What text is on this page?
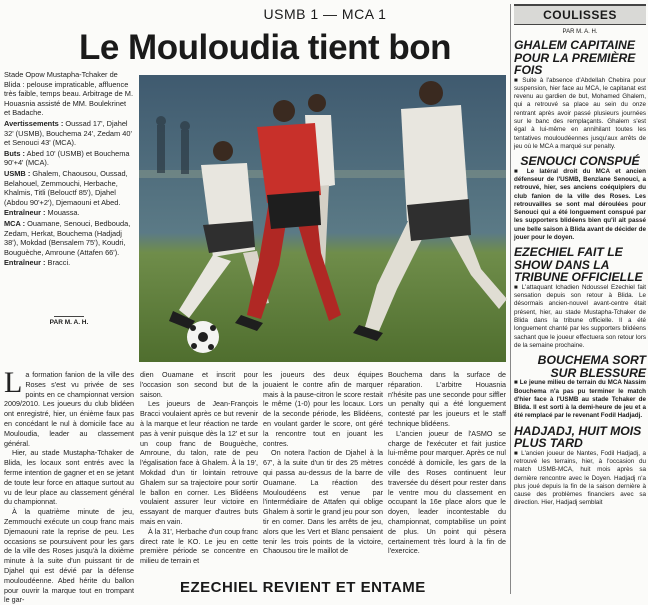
USMB 1 — MCA 1
Le Mouloudia tient bon

Stade Opow Mustapha-Tchaker de Blida : pelouse impraticable, affluence très faible, temps beau. Arbitrage de M. Houasnia assisté de MM. Boulekrinet et Badache.

Avertissements : Oussad 17', Djahel 32' (USMB), Bouchema 24', Zedam 40' et Senouci 43' (MCA).

Buts : Abed 10' (USMB) et Bouchema 90'+4' (MCA).

USMB : Ghalem, Chaousou, Oussad, Belahouel, Zemmouchi, Herbache, Khalmis, Titli (Belouctf 85'), Djahel (Abdou 90'+2'), Djemaouni et Abed.

Entraîneur : Mouassa.

MCA : Ouamane, Senouci, Bedbouda, Zedam, Herkat, Bouchema (Hadjadj 38'), Mokdad (Bensalem 75'), Koudri, Bouguèche, Amroune (Attafen 66').

Entraîneur : Bracci.

PAR M. A. H.
L a formation fanion de la ville des Roses s'est vu privée de ses points en ce championnat version 2009/2010. Les joueurs du club blidéen ont enregistré, hier, un énième faux pas en concédant le nul à domicile face au Mouloudia, leader au classement général.

Hier, au stade Mustapha-Tchaker de Blida, les locaux sont entrés avec la ferme intention de gagner et en se jetant de toute leur force en attaque surtout au vu de leur place au classement général du championnat.

À la quatrième minute de jeu, Zemmouchi exécute un coup franc mais Djemaouni rate la reprise de peu. Les occasions se poursuivent pour les gars de la ville des Roses jusqu'à la dixième minute à la suite d'un puissant tir de Djahel qui est dévié par la défense mouloudéenne. Abed hérite du ballon pour ouvrir la marque tout en trompant le gar-

dien Ouamane et inscrit pour l'occasion son second but de la saison.

Les joueurs de Jean-François Bracci voulaient après ce but revenir à la marque et leur réaction ne tarde pas à venir puisque dès la 12' et sur un coup franc de Bouguèche, Amroune, du talon, rate de peu l'égalisation face à Ghalem. À la 19', Mokdad d'un tir lointain retrouve Ghalem sur sa trajectoire pour sortir le ballon en corner. Les Blidéens voulaient assurer leur victoire en essayant de marquer d'autres buts mais en vain.

À la 31', Herbache d'un coup franc direct rate le KO. Le jeu en cette première période se concentre en milieu de terrain et

les joueurs des deux équipes jouaient le contre afin de marquer mais à la pause-citron le score restait le même (1-0) pour les locaux. Lors de la seconde période, les Blidéens, en voulant garder le score, ont géré la rencontre tout en jouant les contres.

On notera l'action de Djahel à la 67', à la suite d'un tir des 25 mètres qui passa au-dessus de la barre de Ouamane. La réaction des Mouloudéens est venue par l'intermédiaire de Attafen qui oblige Ghalem à sortir le grand jeu pour son tir en corner. Dans les arrêts de jeu, alors que les Vert et Blanc pensaient tenir les trois points de la victoire, Chaousou tire le maillot de

Bouchema dans la surface de réparation. L'arbitre Houasnia n'hésite pas une seconde pour siffler un penalty qui a été longuement contesté par les joueurs et le staff technique blidéens.

L'ancien joueur de l'ASMO se charge de l'exécuter et fait justice lui-même pour marquer. Après ce nul concédé à domicile, les gars de la ville des Roses continuent leur traversée du désert pour rester dans le ventre mou du classement en occupant la 16e place alors que le doyen, leader incontestable du championnat, comptabilise un point de plus. Un point qui pèsera certainement très lourd à la fin de l'exercice.

EZECHIEL REVIENT ET ENTAME
COULISSES
PAR M. A. H.
GHALEM CAPITAINE POUR LA PREMIÈRE FOIS
■ Suite à l'absence d'Abdellah Chebira pour suspension, hier face au MCA, le capitanat est revenu au gardien de but, Mohamed Ghalem, qui a retrouvé sa place au sein du onze rentrant après avoir passé plusieurs journées sur le banc des remplaçants. Ghalem s'est égal à lui-même en annihilant toutes les tentatives mouloudéennes jusqu'aux arrêts de jeu où le MCA a marqué sur penalty.
SENOUCI CONSPUÉ
■ Le latéral droit du MCA et ancien défenseur de l'USMB, Benzlane Senouci, a retrouvé, hier, ses anciens coéquipiers du club fanion de la ville des Roses. Les retrouvailles se sont mal déroulées pour Senouci qui a été longuement conspué par les supporters blidéens bien qu'il ait passé une belle saison à Blida avant de décider de jouer pour le doyen.
EZECHIEL FAIT LE SHOW DANS LA TRIBUNE OFFICIELLE
■ L'attaquant Ichadien Ndoussel Ezechiel fait sensation depuis son retour à Blida. Le désormais ancien-nouvel avant-centre était présent, hier, au stade Mustapha-Tchaker de Blida dans la tribune officielle. Il a été longuement chanté par les supporters blidéens sachant que le joueur effectuera son retour lors de la semaine prochaine.
BOUCHEMA SORT SUR BLESSURE
■ Le jeune milieu de terrain du MCA Nassim Bouchema n'a pas pu terminer le match d'hier face à l'USMB au stade Tchaker de Blida. Il est sorti à la demi-heure de jeu et a été remplacé par le revenant Fodil Hadjadj.
HADJADJ, HUIT MOIS PLUS TARD
■ L'ancien joueur de Nantes, Fodil Hadjadj, a retrouvé les terrains, hier, à l'occasion du match USMB-MCA, huit mois après sa dernière rencontre avec le Doyen. Hadjadj n'a plus joué depuis la fin de la saison dernière à cause des problèmes financiers avec sa direction. Hier, Hadjadj semblait
